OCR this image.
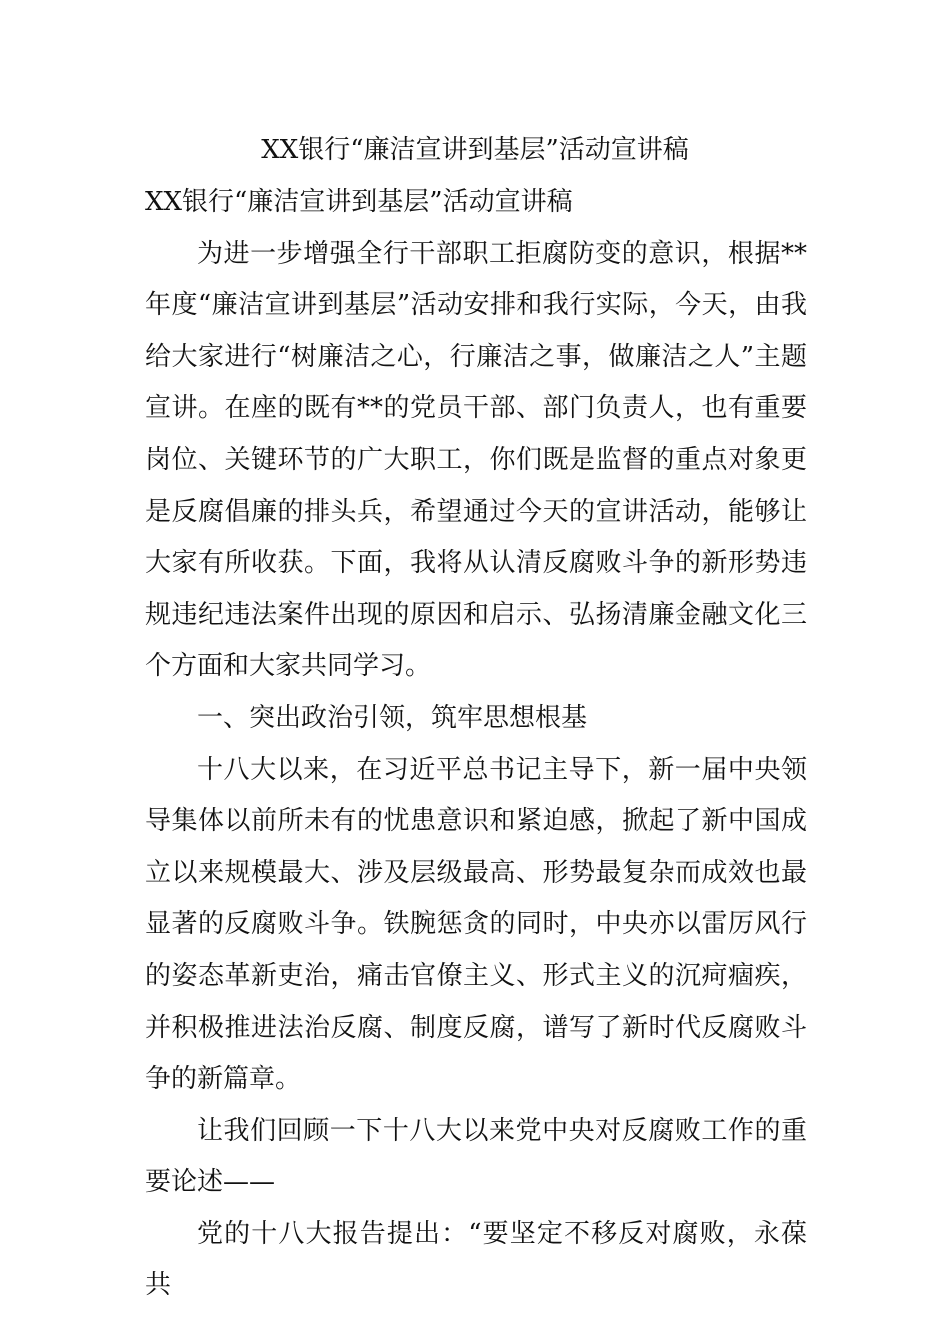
XX银行“廉洁宣讲到基层”活动宣讲稿

XX银行“廉洁宣讲到基层”活动宣讲稿

为进一步增强全行干部职工拒腐防变的意识，根据**年度“廉洁宣讲到基层”活动安排和我行实际，今天，由我给大家进行“树廉洁之心，行廉洁之事，做廉洁之人”主题宣讲。在座的既有**的党员干部、部门负责人，也有重要岗位、关键环节的广大职工，你们既是监督的重点对象更是反腐倡廉的排头兵，希望通过今天的宣讲活动，能够让大家有所收获。下面，我将从认清反腐败斗争的新形势违规违纪违法案件出现的原因和启示、弘扬清廉金融文化三个方面和大家共同学习。

一、突出政治引领，筑牢思想根基

十八大以来，在习近平总书记主导下，新一届中央领导集体以前所未有的忧患意识和紧迫感，掀起了新中国成立以来规模最大、涉及层级最高、形势最复杂而成效也最显著的反腐败斗争。铁腕惩贪的同时，中央亦以雷厉风行的姿态革新吏治，痛击官僚主义、形式主义的沉疴痼疾，并积极推进法治反腐、制度反腐，谱写了新时代反腐败斗争的新篇章。

让我们回顾一下十八大以来党中央对反腐败工作的重要论述——

党的十八大报告提出：“要坚定不移反对腐败，永葆共
